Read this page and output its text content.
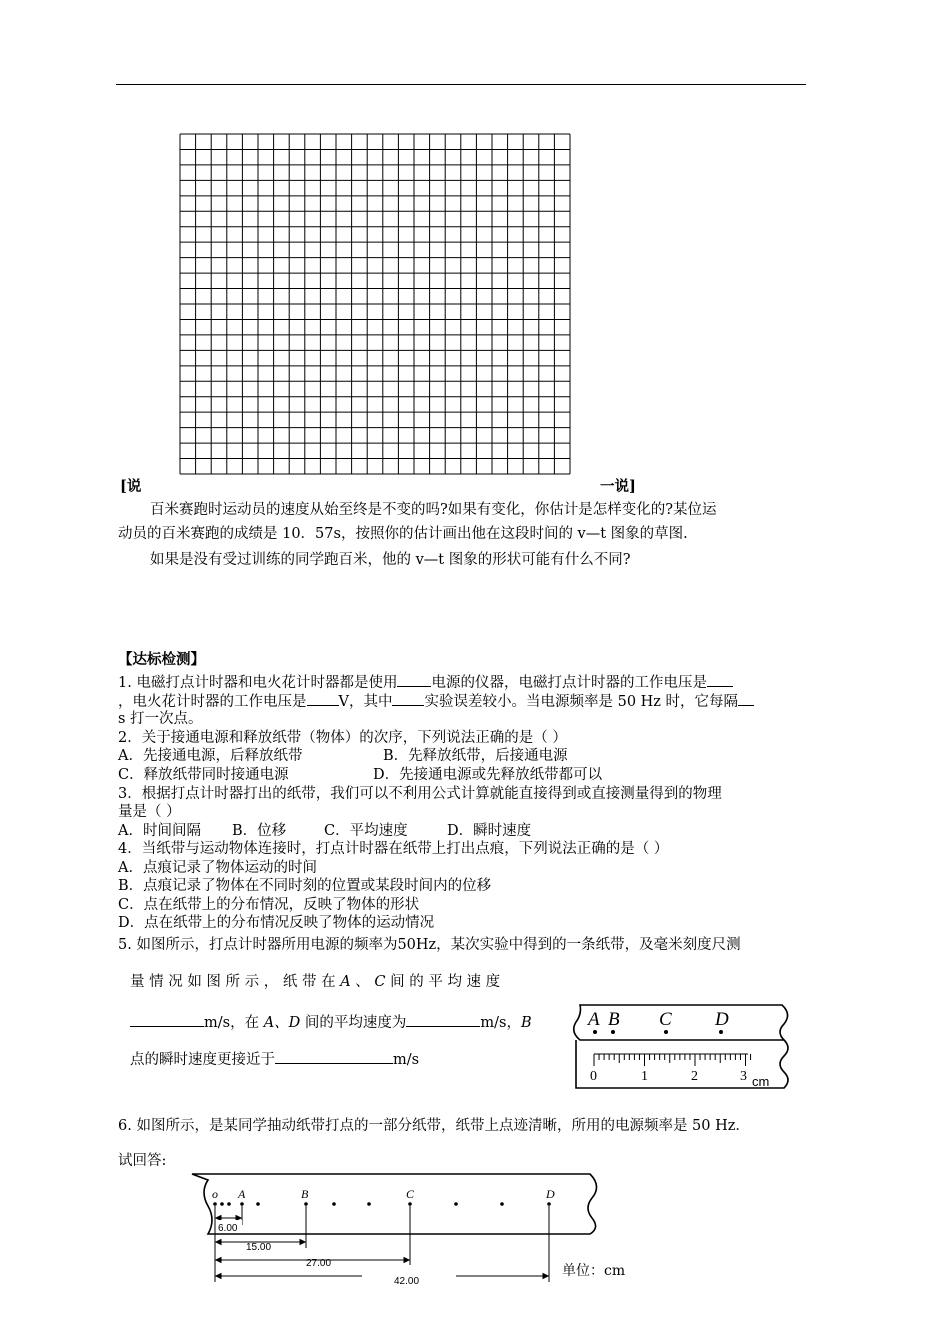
[说	一说]
百米赛跑时运动员的速度从始至终是不变的吗?如果有变化，你估计是怎样变化的?某位运
动员的百米赛跑的成绩是 10．57s，按照你的估计画出他在这段时间的 v—t 图象的草图.
如果是没有受过训练的同学跑百米，他的 v—t 图象的形状可能有什么不同?
【达标检测】
1. 电磁打点计时器和电火花计时器都是使用 电源的仪器，电磁打点计时器的工作电压是
，电火花计时器的工作电压是 V，其中 实验误差较小。当电源频率是 50 Hz 时，它每隔
s 打一次点。
2．关于接通电源和释放纸带（物体）的次序，下列说法正确的是（ ）
A．先接通电源，后释放纸带	B．先释放纸带，后接通电源
C．释放纸带同时接通电源	D．先接通电源或先释放纸带都可以
3．根据打点计时器打出的纸带，我们可以不利用公式计算就能直接得到或直接测量得到的物理
量是（ ）
A．时间间隔 B．位移	C．平均速度	D．瞬时速度
4．当纸带与运动物体连接时，打点计时器在纸带上打出点痕，下列说法正确的是（ ）
A．点痕记录了物体运动的时间
B．点痕记录了物体在不同时刻的位置或某段时间内的位移
C．点在纸带上的分布情况，反映了物体的形状
D．点在纸带上的分布情况反映了物体的运动情况
5. 如图所示，打点计时器所用电源的频率为50Hz，某次实验中得到的一条纸带，及毫米刻度尺测
量 情 况 如 图 所 示 ， 纸 带 在 A 、 C 间 的 平 均 速 度
m/s，在 A、D 间的平均速度为	m/s，B
点的瞬时速度更接近于	m/s
A B C D
0	1	2	3 cm
6. 如图所示，是某同学抽动纸带打点的一部分纸带，纸带上点迹清晰，所用的电源频率是 50 Hz．
试回答:
o A	B	C	D
6.00
15.00
27.00
42.00
单位：cm
